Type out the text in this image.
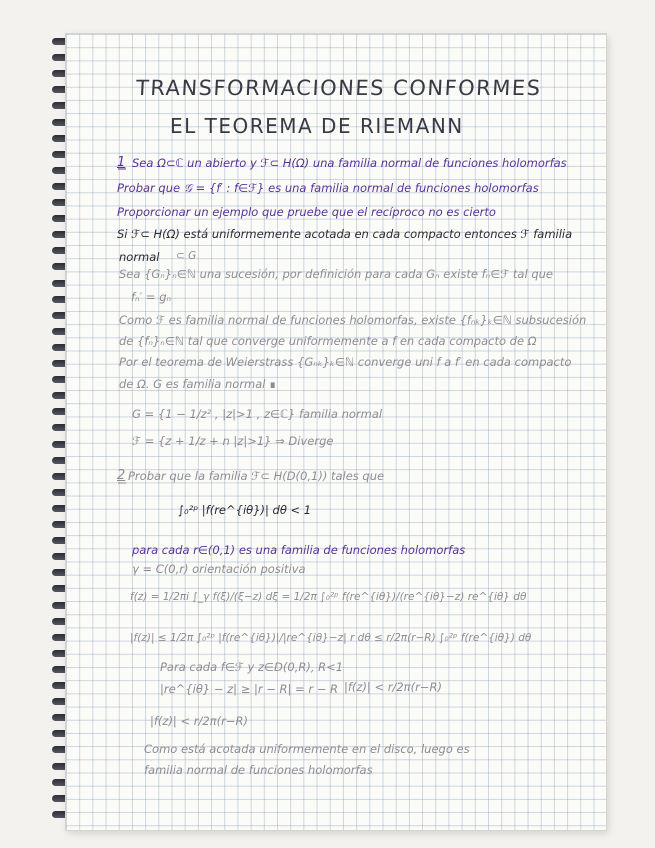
TRANSFORMACIONES CONFORMES
EL TEOREMA DE RIEMANN
1 Sea Ω⊂ℂ un abierto y ℱ⊂ H(Ω) una familia normal de funciones holomorfas
Probar que 𝒢 = {f′ : f∈ℱ} es una familia normal de funciones holomorfas
Proporcionar un ejemplo que pruebe que el recíproco no es cierto
Si ℱ⊂ H(Ω) está uniformemente acotada en cada compacto entonces ℱ familia
normal ⊂ G
Sea {Gₙ}ₙ∈ℕ una sucesión, por definición para cada Gₙ existe fₙ∈ℱ tal que
fₙ′ = gₙ
Como ℱ es familia normal de funciones holomorfas, existe {fₙₖ}ₖ∈ℕ subsucesión
de {fₙ}ₙ∈ℕ tal que converge uniformemente a f en cada compacto de Ω
Por el teorema de Weierstrass {Gₙₖ}ₖ∈ℕ converge uni f a f′ en cada compacto
de Ω. G es familia normal ∎
G = {1 − 1/z² , |z|>1 , z∈ℂ} familia normal
ℱ = {z + 1/z + n |z|>1} ⇒ Diverge
2 Probar que la familia ℱ⊂ H(D(0,1)) tales que
∫₀²ᵖ |f(re^{iθ})| dθ < 1
para cada r∈(0,1) es una familia de funciones holomorfas
γ = C(0,r) orientación positiva
f(z) = 1/2πi ∫_γ f(ξ)/(ξ−z) dξ = 1/2π ∫₀²ᵖ f(re^{iθ})/(re^{iθ}−z) re^{iθ} dθ
|f(z)| ≤ 1/2π ∫₀²ᵖ |f(re^{iθ})|/|re^{iθ}−z| r dθ ≤ r/2π(r−R) ∫₀²ᵖ f(re^{iθ}) dθ
Para cada f∈ℱ y z∈D(0,R), R<1
|re^{iθ} − z| ≥ |r − R| = r − R |f(z)| < r/2π(r−R)
|f(z)| < r/2π(r−R)
Como está acotada uniformemente en el disco, luego es
familia normal de funciones holomorfas
